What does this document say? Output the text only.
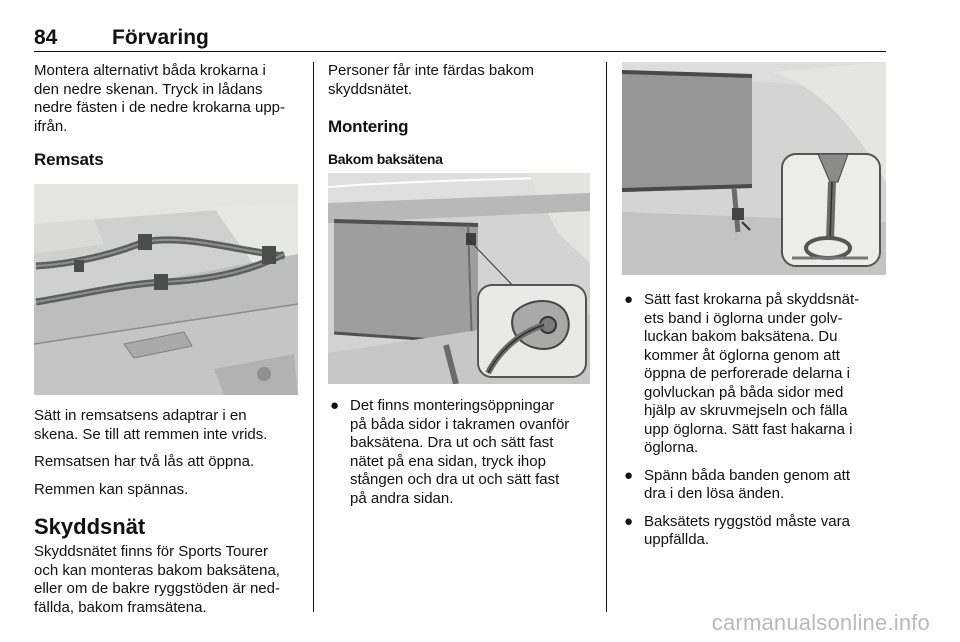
84	Förvaring

Montera alternativt båda krokarna i
den nedre skenan. Tryck in lådans
nedre fästen i de nedre krokarna upp-
ifrån.

Remsats

Sätt in remsatsens adaptrar i en
skena. Se till att remmen inte vrids.

Remsatsen har två lås att öppna.

Remmen kan spännas.

Skyddsnät

Skyddsnätet finns för Sports Tourer
och kan monteras bakom baksätena,
eller om de bakre ryggstöden är ned-
fällda, bakom framsätena.

Personer får inte färdas bakom
skyddsnätet.

Montering
Bakom baksätena
● Det finns monteringsöppningar
på båda sidor i takramen ovanför
baksätena. Dra ut och sätt fast
nätet på ena sidan, tryck ihop
stången och dra ut och sätt fast
på andra sidan.
● Sätt fast krokarna på skyddsnät-
ets band i öglorna under golv-
luckan bakom baksätena. Du
kommer åt öglorna genom att
öppna de perforerade delarna i
golvluckan på båda sidor med
hjälp av skruvmejseln och fälla
upp öglorna. Sätt fast hakarna i
öglorna.
● Spänn båda banden genom att
dra i den lösa änden.
● Baksätets ryggstöd måste vara
uppfällda.
carmanualsonline.info
